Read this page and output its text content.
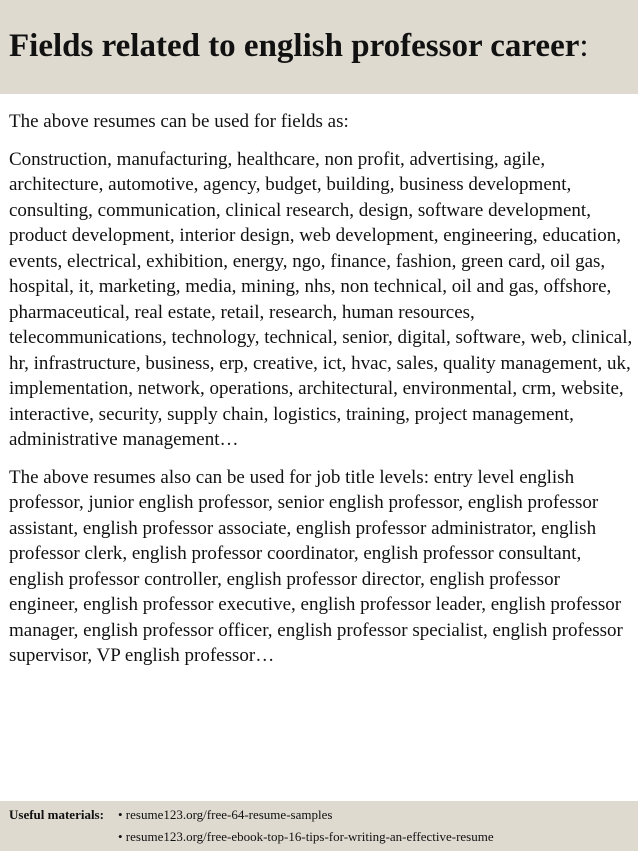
Fields related to english professor career:

The above resumes can be used for fields as:

Construction, manufacturing, healthcare, non profit, advertising, agile, architecture, automotive, agency, budget, building, business development, consulting, communication, clinical research, design, software development, product development, interior design, web development, engineering, education, events, electrical, exhibition, energy, ngo, finance, fashion, green card, oil gas, hospital, it, marketing, media, mining, nhs, non technical, oil and gas, offshore, pharmaceutical, real estate, retail, research, human resources, telecommunications, technology, technical, senior, digital, software, web, clinical, hr, infrastructure, business, erp, creative, ict, hvac, sales, quality management, uk, implementation, network, operations, architectural, environmental, crm, website, interactive, security, supply chain, logistics, training, project management, administrative management…

The above resumes also can be used for job title levels: entry level english professor, junior english professor, senior english professor, english professor assistant, english professor associate, english professor administrator, english professor clerk, english professor coordinator, english professor consultant, english professor controller, english professor director, english professor engineer, english professor executive, english professor leader, english professor manager, english professor officer, english professor specialist, english professor supervisor, VP english professor…

Useful materials: • resume123.org/free-64-resume-samples
• resume123.org/free-ebook-top-16-tips-for-writing-an-effective-resume
